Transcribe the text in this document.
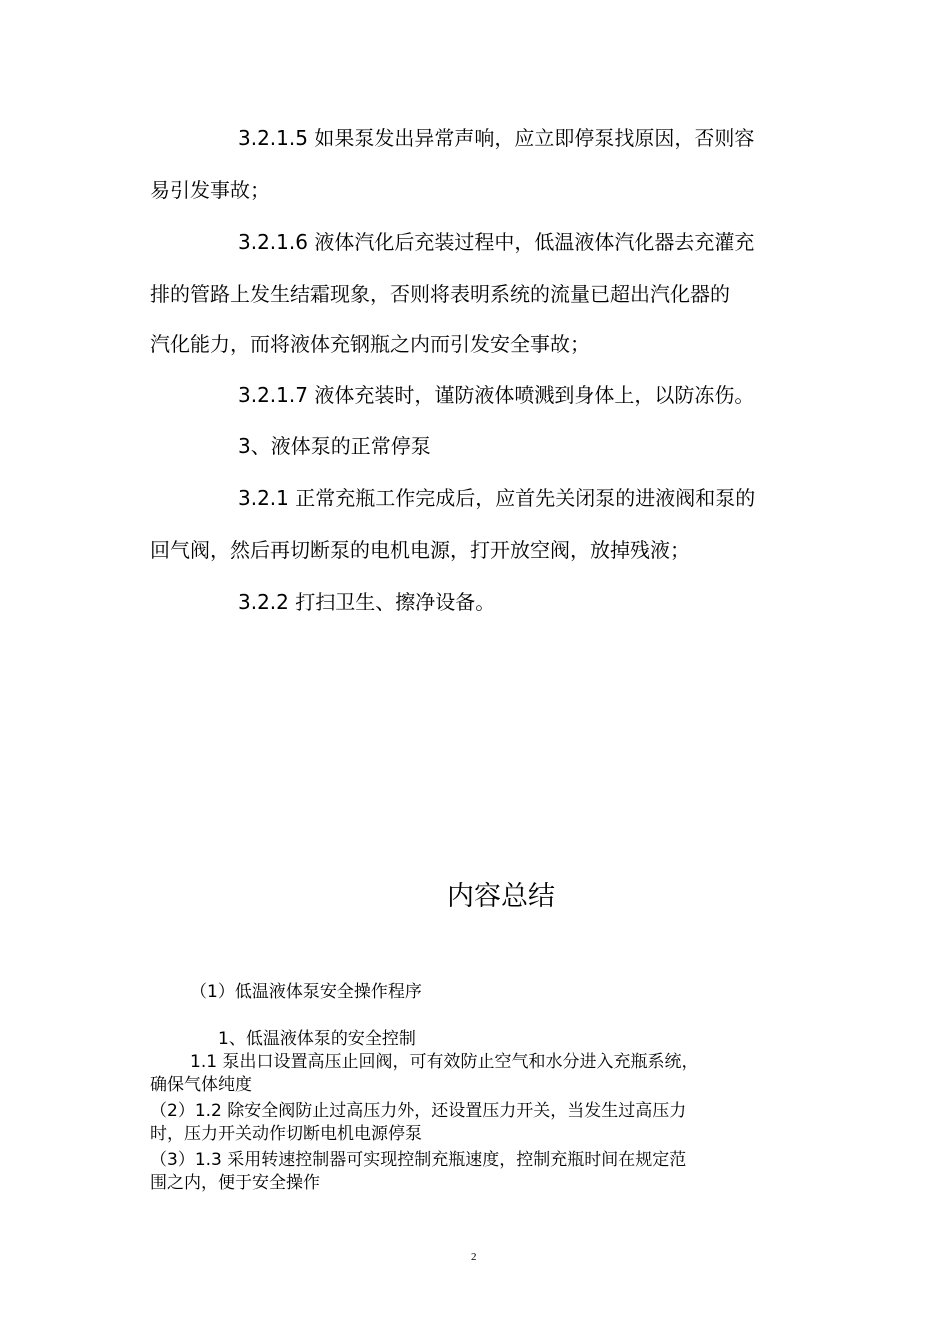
3.2.1.5 如果泵发出异常声响，应立即停泵找原因，否则容
易引发事故；
3.2.1.6 液体汽化后充装过程中，低温液体汽化器去充灌充
排的管路上发生结霜现象，否则将表明系统的流量已超出汽化器的
汽化能力，而将液体充钢瓶之内而引发安全事故；
3.2.1.7 液体充装时，谨防液体喷溅到身体上，以防冻伤。
3、液体泵的正常停泵
3.2.1 正常充瓶工作完成后，应首先关闭泵的进液阀和泵的
回气阀，然后再切断泵的电机电源，打开放空阀，放掉残液；
3.2.2 打扫卫生、擦净设备。
内容总结
（1）低温液体泵安全操作程序
1、低温液体泵的安全控制
1.1 泵出口设置高压止回阀，可有效防止空气和水分进入充瓶系统，
确保气体纯度
（2）1.2 除安全阀防止过高压力外，还设置压力开关，当发生过高压力
时，压力开关动作切断电机电源停泵
（3）1.3 采用转速控制器可实现控制充瓶速度，控制充瓶时间在规定范
围之内，便于安全操作
2
